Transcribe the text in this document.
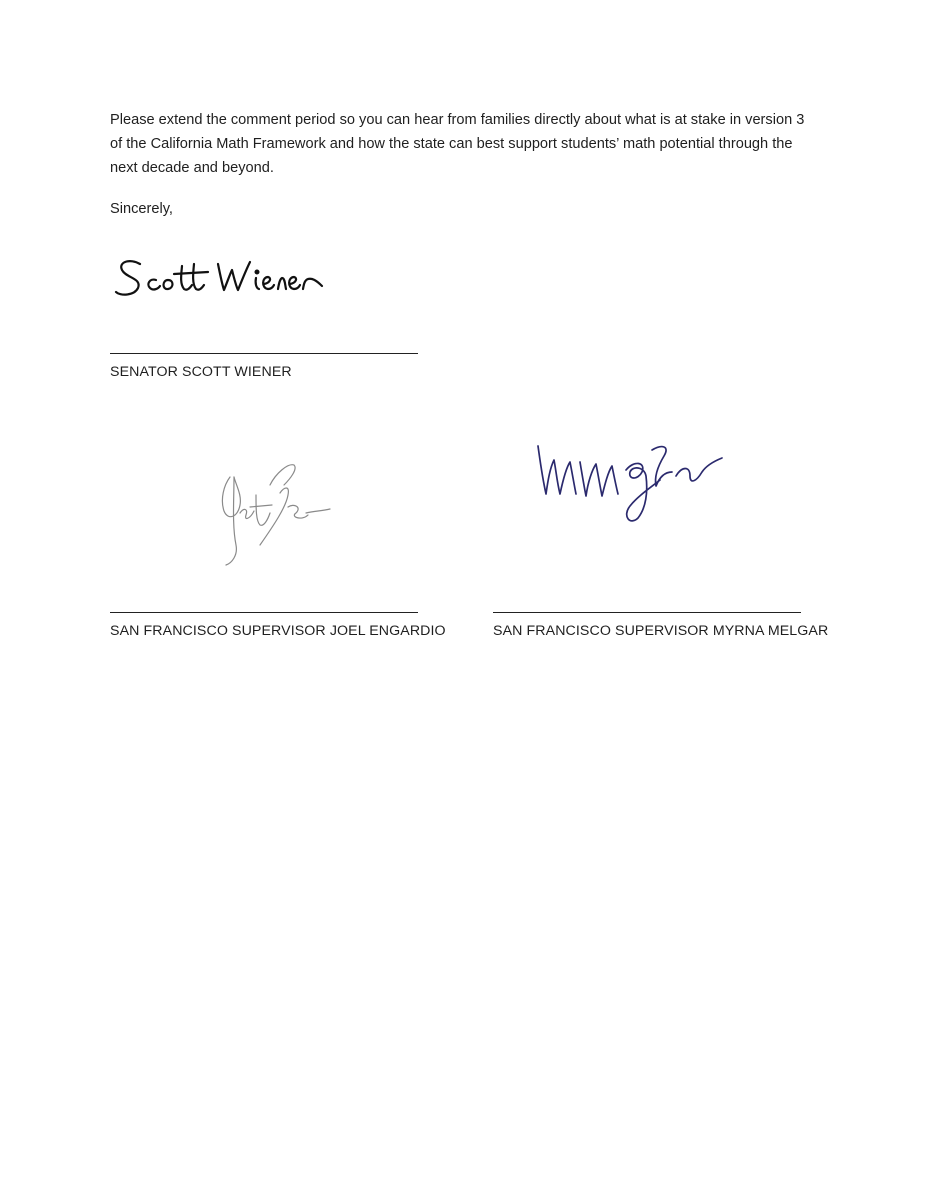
Please extend the comment period so you can hear from families directly about what is at stake in version 3 of the California Math Framework and how the state can best support students’ math potential through the next decade and beyond.

Sincerely,

SENATOR SCOTT WIENER
SAN FRANCISCO SUPERVISOR JOEL ENGARDIO	SAN FRANCISCO SUPERVISOR MYRNA MELGAR
